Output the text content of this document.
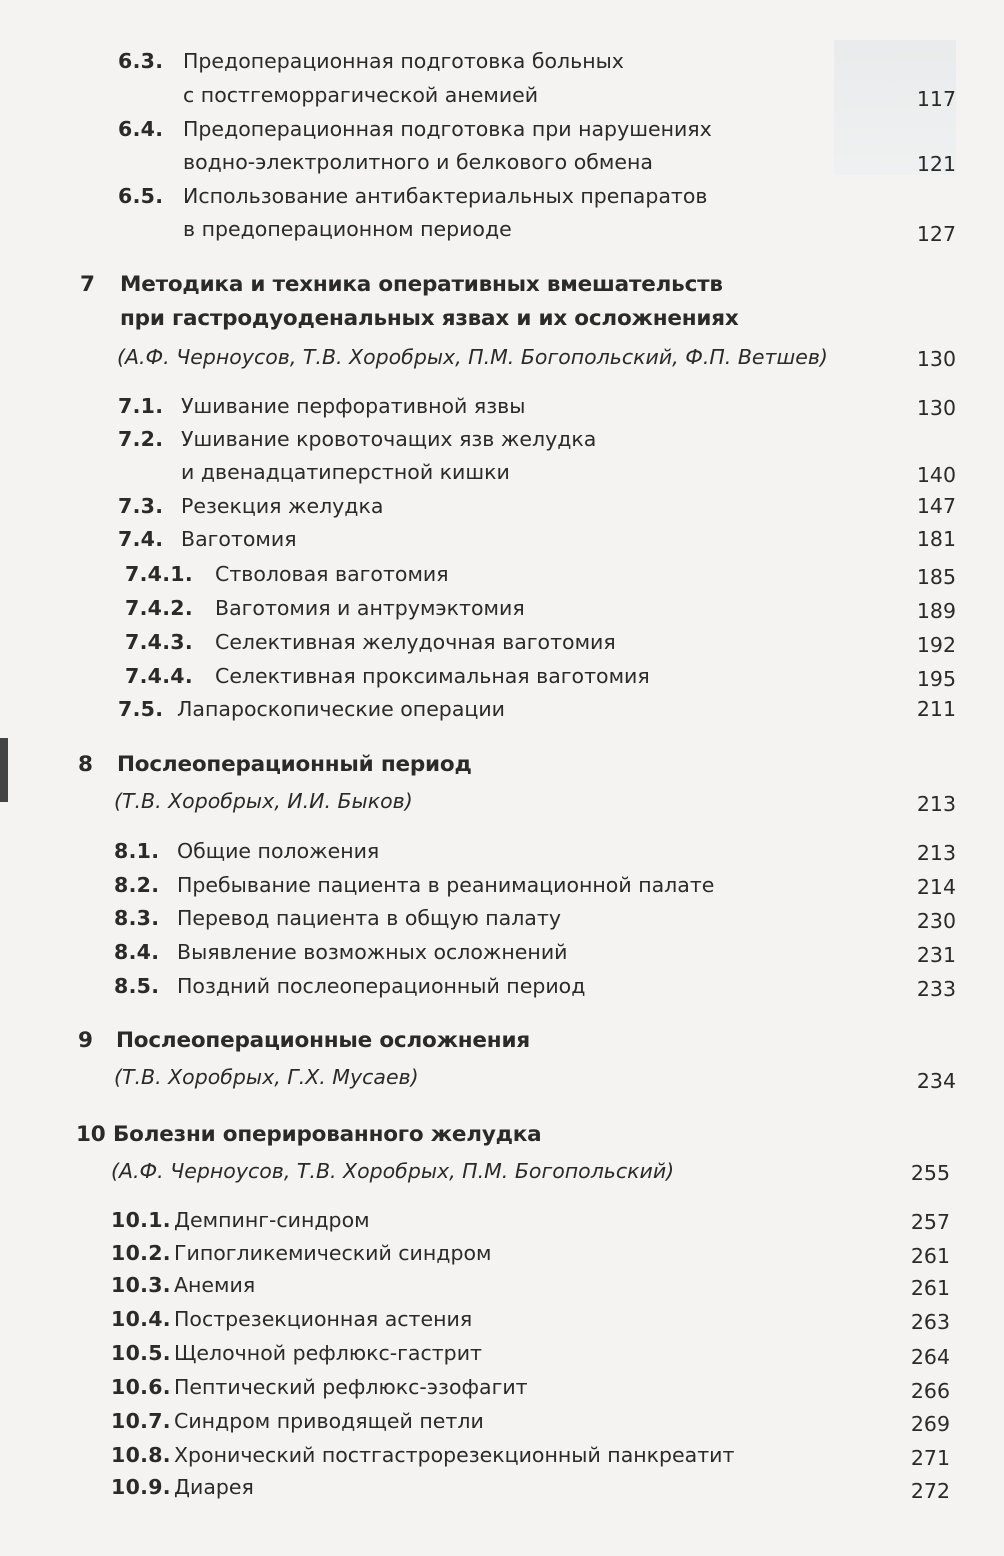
6.3. Предоперационная подготовка больных
с постгеморрагической анемией	117
6.4. Предоперационная подготовка при нарушениях
водно-электролитного и белкового обмена	121
6.5. Использование антибактериальных препаратов
в предоперационном периоде	127
7 Методика и техника оперативных вмешательств
при гастродуоденальных язвах и их осложнениях
(А.Ф. Черноусов, Т.В. Хоробрых, П.М. Богопольский, Ф.П. Ветшев)	130
7.1. Ушивание перфоративной язвы	130
7.2. Ушивание кровоточащих язв желудка
и двенадцатиперстной кишки	140
7.3. Резекция желудка	147
7.4. Ваготомия	181
7.4.1. Стволовая ваготомия	185
7.4.2. Ваготомия и антрумэктомия	189
7.4.3. Селективная желудочная ваготомия	192
7.4.4. Селективная проксимальная ваготомия	195
7.5. Лапароскопические операции	211
8 Послеоперационный период
(Т.В. Хоробрых, И.И. Быков)	213
8.1. Общие положения	213
8.2. Пребывание пациента в реанимационной палате	214
8.3. Перевод пациента в общую палату	230
8.4. Выявление возможных осложнений	231
8.5. Поздний послеоперационный период	233
9 Послеоперационные осложнения
(Т.В. Хоробрых, Г.Х. Мусаев)	234
10 Болезни оперированного желудка
(А.Ф. Черноусов, Т.В. Хоробрых, П.М. Богопольский)	255
10.1. Демпинг-синдром	257
10.2. Гипогликемический синдром	261
10.3. Анемия	261
10.4. Пострезекционная астения	263
10.5. Щелочной рефлюкс-гастрит	264
10.6. Пептический рефлюкс-эзофагит	266
10.7. Синдром приводящей петли	269
10.8. Хронический постгастрорезекционный панкреатит	271
10.9. Диарея	272
